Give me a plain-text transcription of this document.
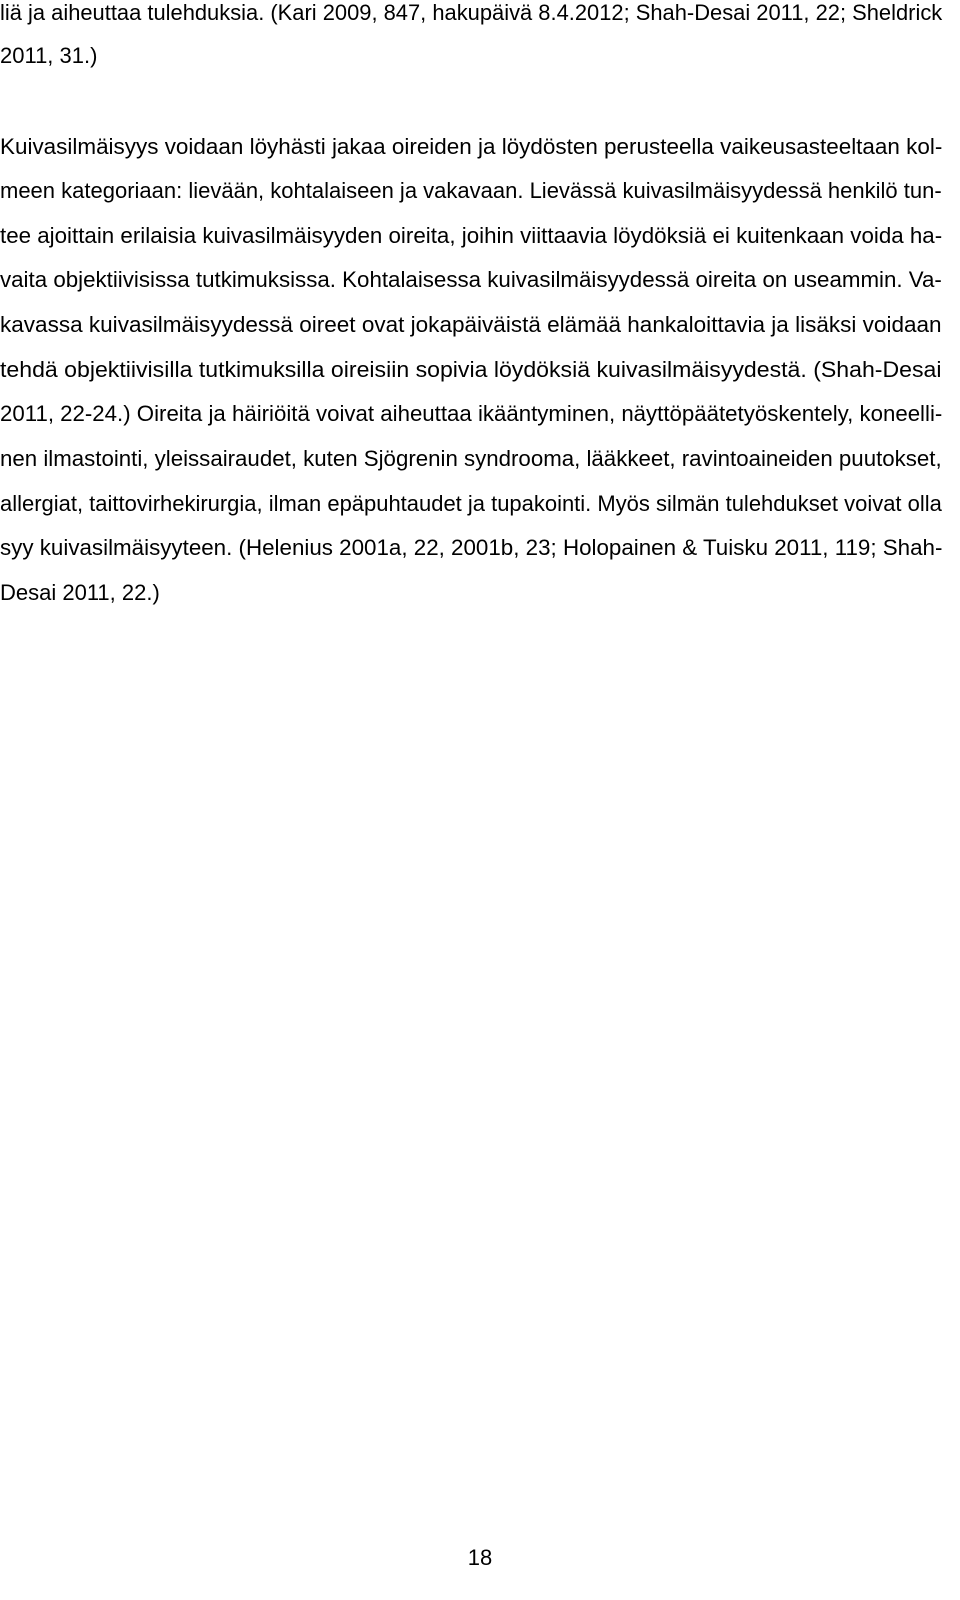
liä ja aiheuttaa tulehduksia. (Kari 2009, 847, hakupäivä 8.4.2012; Shah-Desai 2011, 22; Sheldrick
2011, 31.)
Kuivasilmäisyys voidaan löyhästi jakaa oireiden ja löydösten perusteella vaikeusasteeltaan kol-
meen kategoriaan: lievään, kohtalaiseen ja vakavaan. Lievässä kuivasilmäisyydessä henkilö tun-
tee ajoittain erilaisia kuivasilmäisyyden oireita, joihin viittaavia löydöksiä ei kuitenkaan voida ha-
vaita objektiivisissa tutkimuksissa. Kohtalaisessa kuivasilmäisyydessä oireita on useammin. Va-
kavassa kuivasilmäisyydessä oireet ovat jokapäiväistä elämää hankaloittavia ja lisäksi voidaan
tehdä objektiivisilla tutkimuksilla oireisiin sopivia löydöksiä kuivasilmäisyydestä. (Shah-Desai
2011, 22-24.) Oireita ja häiriöitä voivat aiheuttaa ikääntyminen, näyttöpäätetyöskentely, koneelli-
nen ilmastointi, yleissairaudet, kuten Sjögrenin syndrooma, lääkkeet, ravintoaineiden puutokset,
allergiat, taittovirhekirurgia, ilman epäpuhtaudet ja tupakointi. Myös silmän tulehdukset voivat olla
syy kuivasilmäisyyteen. (Helenius 2001a, 22, 2001b, 23; Holopainen & Tuisku 2011, 119; Shah-
Desai 2011, 22.)
18
